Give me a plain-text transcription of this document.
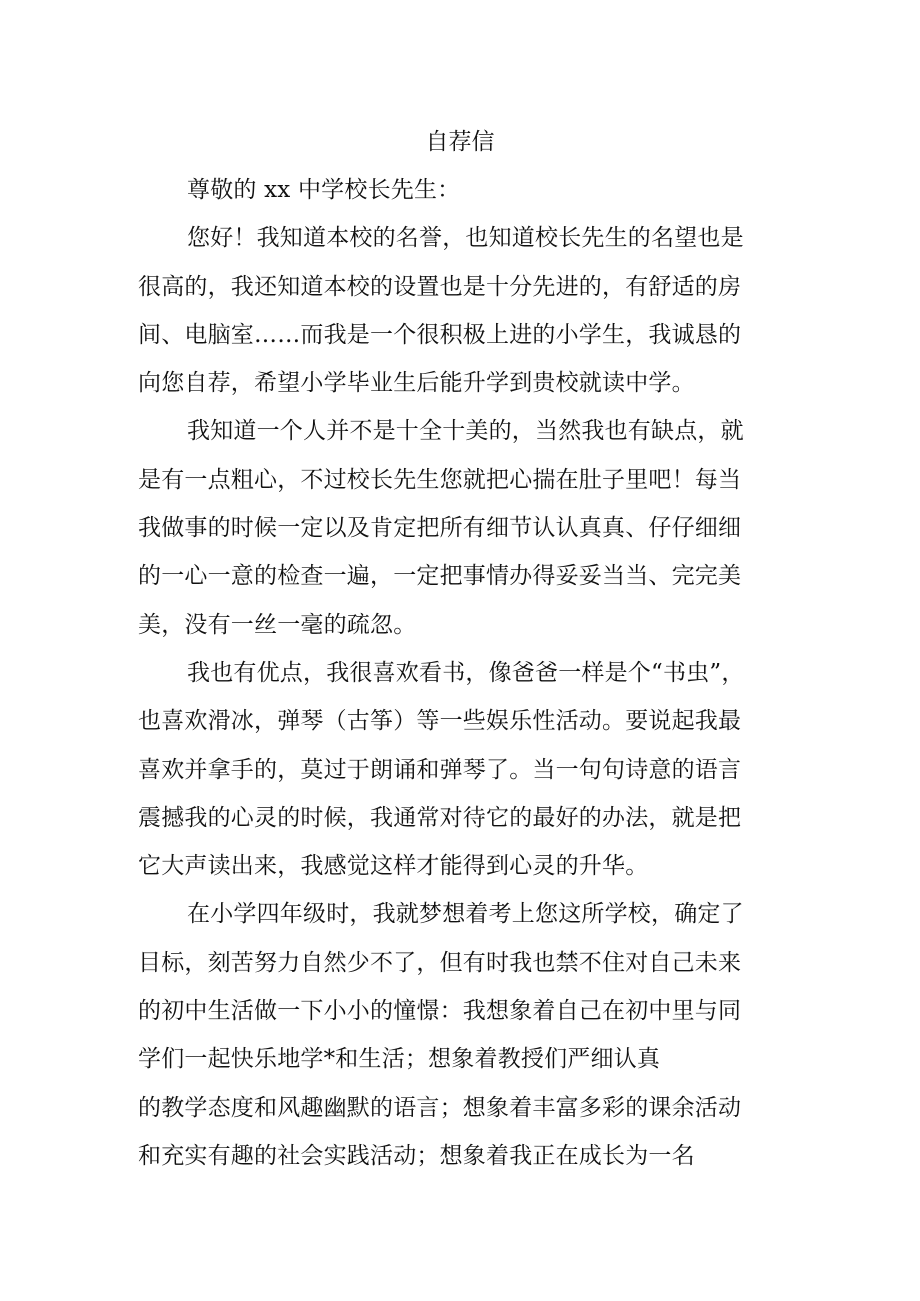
自荐信
尊敬的 xx 中学校长先生：
您好！我知道本校的名誉，也知道校长先生的名望也是
很高的，我还知道本校的设置也是十分先进的，有舒适的房
间、电脑室……而我是一个很积极上进的小学生，我诚恳的
向您自荐，希望小学毕业生后能升学到贵校就读中学。
我知道一个人并不是十全十美的，当然我也有缺点，就
是有一点粗心，不过校长先生您就把心揣在肚子里吧！每当
我做事的时候一定以及肯定把所有细节认认真真、仔仔细细
的一心一意的检查一遍，一定把事情办得妥妥当当、完完美
美，没有一丝一毫的疏忽。
我也有优点，我很喜欢看书，像爸爸一样是个“书虫”，
也喜欢滑冰，弹琴（古筝）等一些娱乐性活动。要说起我最
喜欢并拿手的，莫过于朗诵和弹琴了。当一句句诗意的语言
震撼我的心灵的时候，我通常对待它的最好的办法，就是把
它大声读出来，我感觉这样才能得到心灵的升华。
在小学四年级时，我就梦想着考上您这所学校，确定了
目标，刻苦努力自然少不了，但有时我也禁不住对自己未来
的初中生活做一下小小的憧憬：我想象着自己在初中里与同
学们一起快乐地学*和生活；想象着教授们严细认真
的教学态度和风趣幽默的语言；想象着丰富多彩的课余活动
和充实有趣的社会实践活动；想象着我正在成长为一名
